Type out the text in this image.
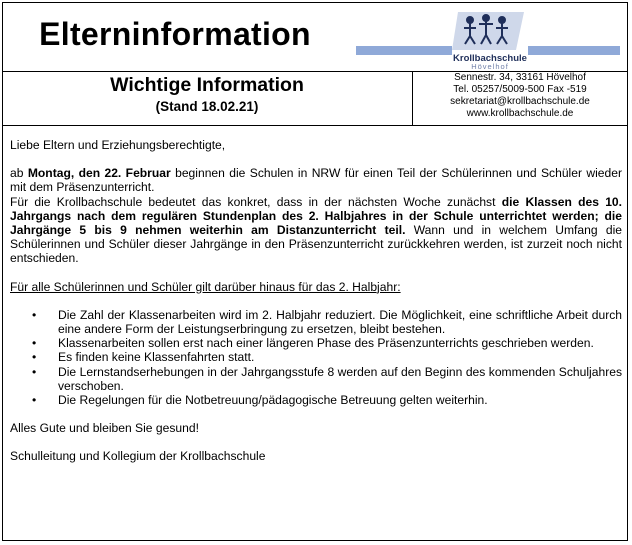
Elterninformation
Krollbachschule
Hövelhof
Wichtige Information
(Stand 18.02.21)
Sennestr. 34, 33161 Hövelhof
Tel. 05257/5009-500 Fax -519
sekretariat@krollbachschule.de
www.krollbachschule.de

Liebe Eltern und Erziehungsberechtigte,

ab Montag, den 22. Februar beginnen die Schulen in NRW für einen Teil der Schülerinnen und Schüler wieder mit dem Präsenzunterricht.

Für die Krollbachschule bedeutet das konkret, dass in der nächsten Woche zunächst die Klassen des 10. Jahrgangs nach dem regulären Stundenplan des 2. Halbjahres in der Schule unterrichtet werden; die Jahrgänge 5 bis 9 nehmen weiterhin am Distanzunterricht teil. Wann und in welchem Umfang die Schülerinnen und Schüler dieser Jahrgänge in den Präsenzunterricht zurückkehren werden, ist zurzeit noch nicht entschieden.

Für alle Schülerinnen und Schüler gilt darüber hinaus für das 2. Halbjahr:

• Die Zahl der Klassenarbeiten wird im 2. Halbjahr reduziert. Die Möglichkeit, eine schriftliche Arbeit durch eine andere Form der Leistungserbringung zu ersetzen, bleibt bestehen.
• Klassenarbeiten sollen erst nach einer längeren Phase des Präsenzunterrichts geschrieben werden.
• Es finden keine Klassenfahrten statt.
• Die Lernstandserhebungen in der Jahrgangsstufe 8 werden auf den Beginn des kommenden Schuljahres verschoben.
• Die Regelungen für die Notbetreuung/pädagogische Betreuung gelten weiterhin.

Alles Gute und bleiben Sie gesund!

Schulleitung und Kollegium der Krollbachschule
